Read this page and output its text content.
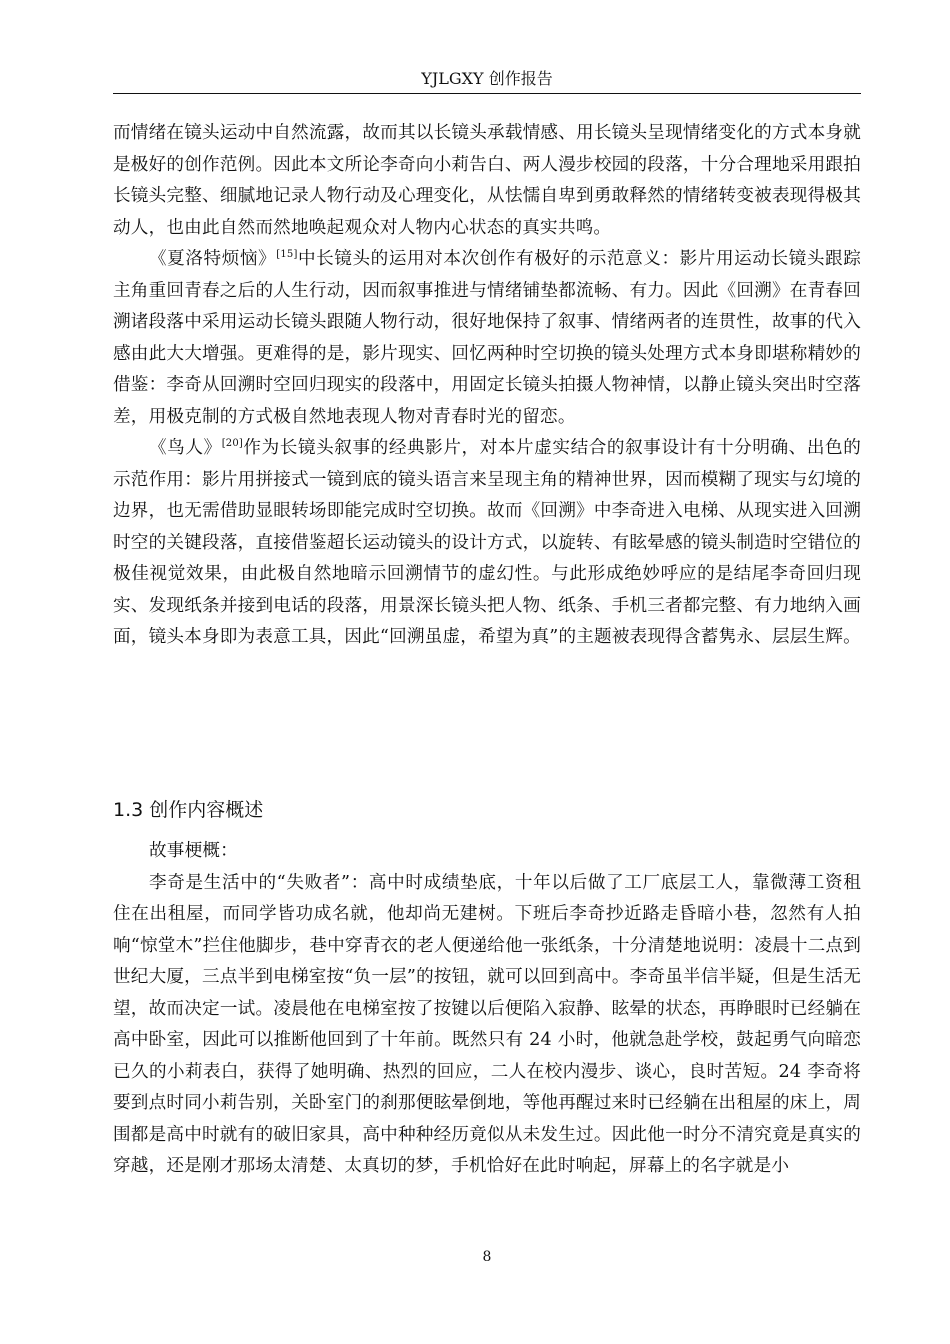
YJLGXY 创作报告

而情绪在镜头运动中自然流露，故而其以长镜头承载情感、用长镜头呈现情绪变化的方式本身就是极好的创作范例。因此本文所论李奇向小莉告白、两人漫步校园的段落，十分合理地采用跟拍长镜头完整、细腻地记录人物行动及心理变化，从怯懦自卑到勇敢释然的情绪转变被表现得极其动人，也由此自然而然地唤起观众对人物内心状态的真实共鸣。

《夏洛特烦恼》[15]中长镜头的运用对本次创作有极好的示范意义：影片用运动长镜头跟踪主角重回青春之后的人生行动，因而叙事推进与情绪铺垫都流畅、有力。因此《回溯》在青春回溯诸段落中采用运动长镜头跟随人物行动，很好地保持了叙事、情绪两者的连贯性，故事的代入感由此大大增强。更难得的是，影片现实、回忆两种时空切换的镜头处理方式本身即堪称精妙的借鉴：李奇从回溯时空回归现实的段落中，用固定长镜头拍摄人物神情，以静止镜头突出时空落差，用极克制的方式极自然地表现人物对青春时光的留恋。

《鸟人》[20]作为长镜头叙事的经典影片，对本片虚实结合的叙事设计有十分明确、出色的示范作用：影片用拼接式一镜到底的镜头语言来呈现主角的精神世界，因而模糊了现实与幻境的边界，也无需借助显眼转场即能完成时空切换。故而《回溯》中李奇进入电梯、从现实进入回溯时空的关键段落，直接借鉴超长运动镜头的设计方式，以旋转、有眩晕感的镜头制造时空错位的极佳视觉效果，由此极自然地暗示回溯情节的虚幻性。与此形成绝妙呼应的是结尾李奇回归现实、发现纸条并接到电话的段落，用景深长镜头把人物、纸条、手机三者都完整、有力地纳入画面，镜头本身即为表意工具，因此“回溯虽虚，希望为真”的主题被表现得含蓄隽永、层层生辉。

1.3 创作内容概述

故事梗概：

李奇是生活中的“失败者”：高中时成绩垫底，十年以后做了工厂底层工人，靠微薄工资租住在出租屋，而同学皆功成名就，他却尚无建树。下班后李奇抄近路走昏暗小巷，忽然有人拍响“惊堂木”拦住他脚步，巷中穿青衣的老人便递给他一张纸条，十分清楚地说明：凌晨十二点到世纪大厦，三点半到电梯室按“负一层”的按钮，就可以回到高中。李奇虽半信半疑，但是生活无望，故而决定一试。凌晨他在电梯室按了按键以后便陷入寂静、眩晕的状态，再睁眼时已经躺在高中卧室，因此可以推断他回到了十年前。既然只有 24 小时，他就急赴学校，鼓起勇气向暗恋已久的小莉表白，获得了她明确、热烈的回应，二人在校内漫步、谈心，良时苦短。24 李奇将要到点时同小莉告别，关卧室门的刹那便眩晕倒地，等他再醒过来时已经躺在出租屋的床上，周围都是高中时就有的破旧家具，高中种种经历竟似从未发生过。因此他一时分不清究竟是真实的穿越，还是刚才那场太清楚、太真切的梦，手机恰好在此时响起，屏幕上的名字就是小

8
